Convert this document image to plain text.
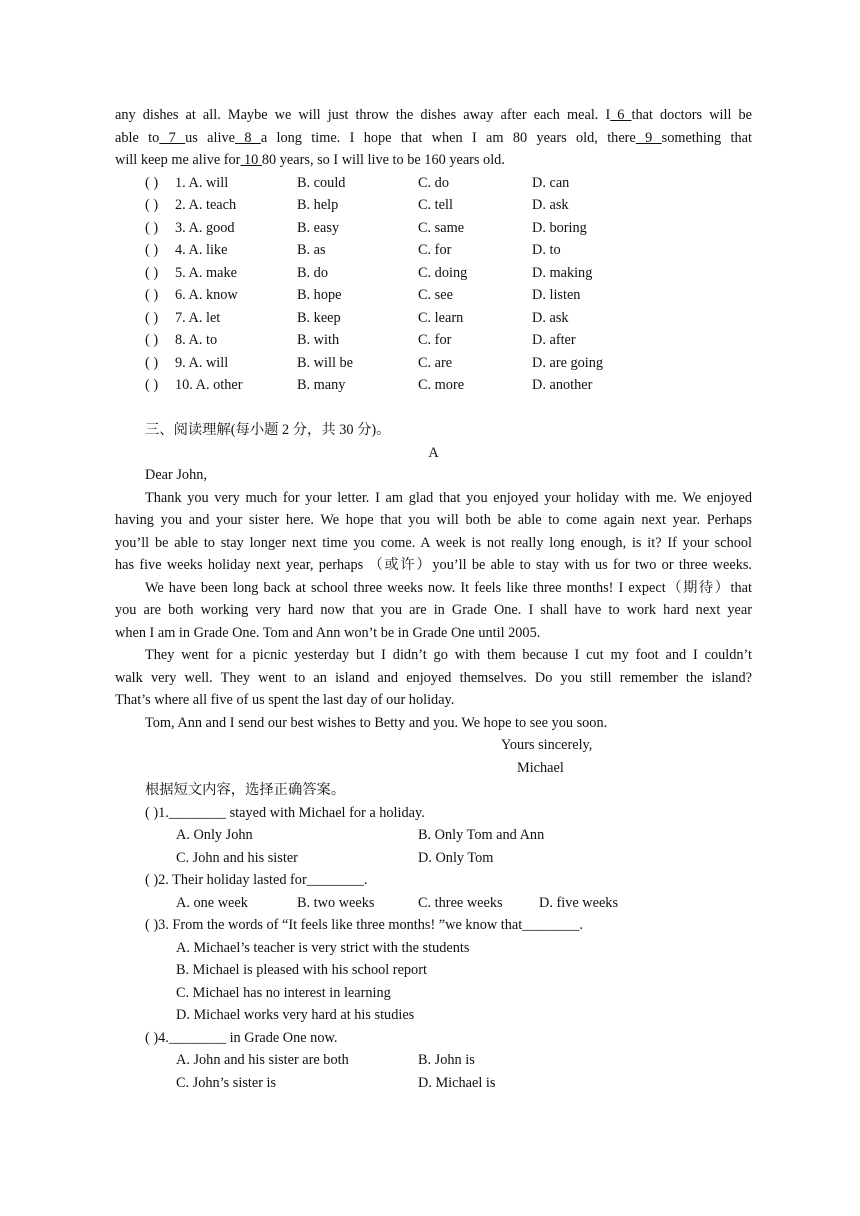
any dishes at all. Maybe we will just throw the dishes away after each meal. I 6 that doctors will be
able to 7 us alive 8 a long time. I hope that when I am 80 years old, there 9 something that
will keep me alive for 10 80 years, so I will live to be 160 years old.
( ) 1. A. will	B. could	C. do	D. can
( ) 2. A. teach	B. help	C. tell	D. ask
( ) 3. A. good	B. easy	C. same	D. boring
( ) 4. A. like	B. as	C. for	D. to
( ) 5. A. make	B. do	C. doing	D. making
( ) 6. A. know	B. hope	C. see	D. listen
( ) 7. A. let	B. keep	C. learn	D. ask
( ) 8. A. to	B. with	C. for	D. after
( ) 9. A. will	B. will be	C. are	D. are going
( ) 10. A. other	B. many	C. more	D. another
三、阅读理解(每小题 2 分，共 30 分)。
A
Dear John,
Thank you very much for your letter. I am glad that you enjoyed your holiday with me. We enjoyed
having you and your sister here. We hope that you will both be able to come again next year. Perhaps
you’ll be able to stay longer next time you come. A week is not really long enough, is it? If your school
has five weeks holiday next year, perhaps （或许）you’ll be able to stay with us for two or three weeks.
We have been long back at school three weeks now. It feels like three months! I expect（期待）that
you are both working very hard now that you are in Grade One. I shall have to work hard next year
when I am in Grade One. Tom and Ann won’t be in Grade One until 2005.
They went for a picnic yesterday but I didn’t go with them because I cut my foot and I couldn’t
walk very well. They went to an island and enjoyed themselves. Do you still remember the island?
That’s where all five of us spent the last day of our holiday.
Tom, Ann and I send our best wishes to Betty and you. We hope to see you soon.
Yours sincerely,
Michael
根据短文内容，选择正确答案。
( )1.________ stayed with Michael for a holiday.
A. Only John	B. Only Tom and Ann
C. John and his sister	D. Only Tom
( )2. Their holiday lasted for________.
A. one week	B. two weeks	C. three weeks	D. five weeks
( )3. From the words of “It feels like three months! ”we know that________.
A. Michael’s teacher is very strict with the students
B. Michael is pleased with his school report
C. Michael has no interest in learning
D. Michael works very hard at his studies
( )4.________ in Grade One now.
A. John and his sister are both	B. John is
C. John’s sister is	D. Michael is
